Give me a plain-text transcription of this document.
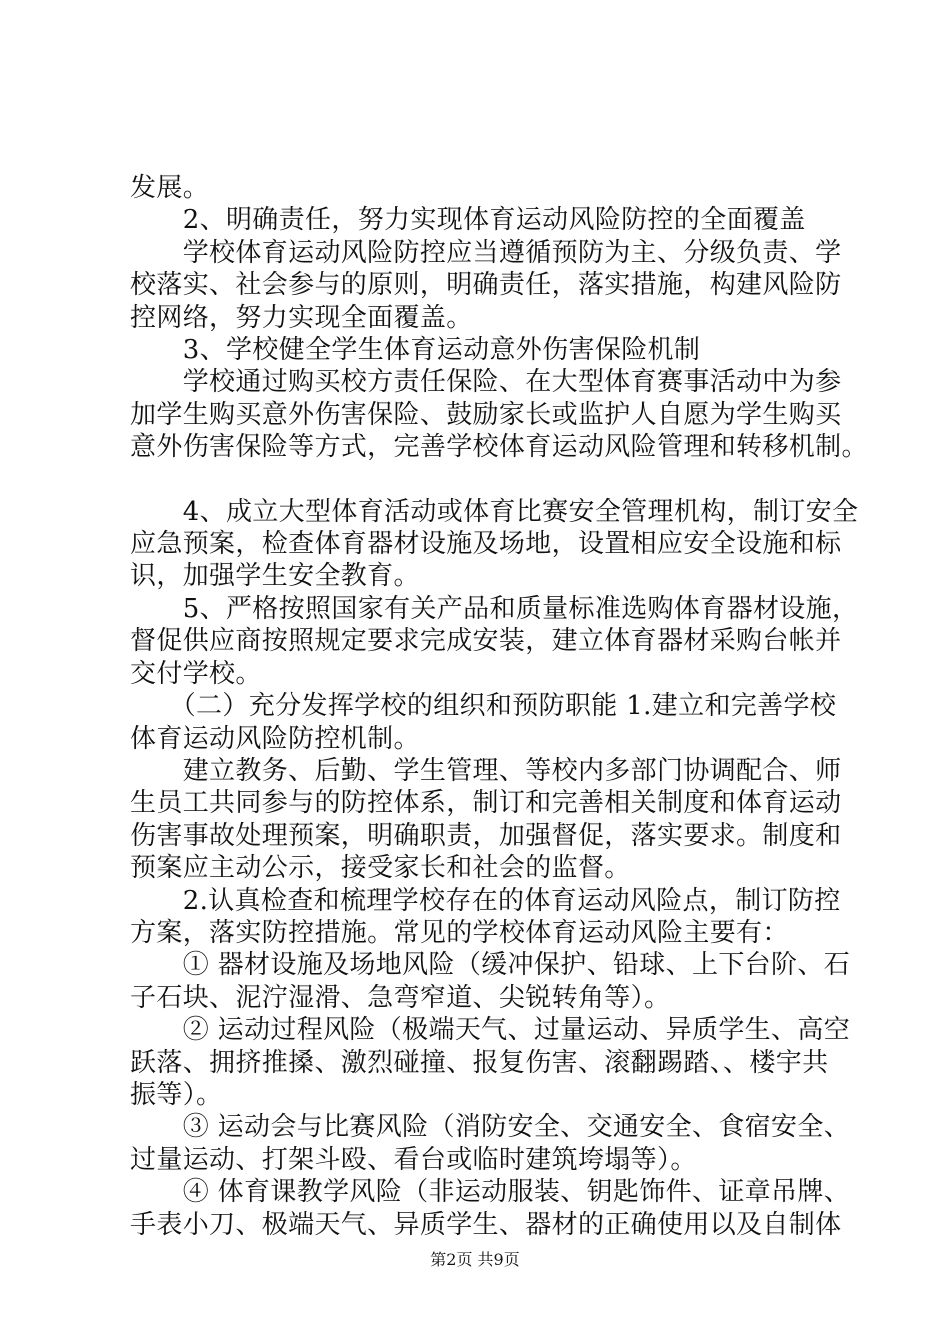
发展。
　　2、明确责任，努力实现体育运动风险防控的全面覆盖
　　学校体育运动风险防控应当遵循预防为主、分级负责、学
校落实、社会参与的原则，明确责任，落实措施，构建风险防
控网络，努力实现全面覆盖。
　　3、学校健全学生体育运动意外伤害保险机制
　　学校通过购买校方责任保险、在大型体育赛事活动中为参
加学生购买意外伤害保险、鼓励家长或监护人自愿为学生购买
意外伤害保险等方式，完善学校体育运动风险管理和转移机制。
　　4、成立大型体育活动或体育比赛安全管理机构，制订安全
应急预案，检查体育器材设施及场地，设置相应安全设施和标
识，加强学生安全教育。
　　5、严格按照国家有关产品和质量标准选购体育器材设施，
督促供应商按照规定要求完成安装，建立体育器材采购台帐并
交付学校。
　　（二）充分发挥学校的组织和预防职能 1.建立和完善学校
体育运动风险防控机制。
　　建立教务、后勤、学生管理、等校内多部门协调配合、师
生员工共同参与的防控体系，制订和完善相关制度和体育运动
伤害事故处理预案，明确职责，加强督促，落实要求。制度和
预案应主动公示，接受家长和社会的监督。
　　2.认真检查和梳理学校存在的体育运动风险点，制订防控
方案，落实防控措施。常见的学校体育运动风险主要有：
　　① 器材设施及场地风险（缓冲保护、铅球、上下台阶、石
子石块、泥泞湿滑、急弯窄道、尖锐转角等）。
　　② 运动过程风险（极端天气、过量运动、异质学生、高空
跃落、拥挤推搡、激烈碰撞、报复伤害、滚翻踢踏、、楼宇共
振等）。
　　③ 运动会与比赛风险（消防安全、交通安全、食宿安全、
过量运动、打架斗殴、看台或临时建筑垮塌等）。
　　④ 体育课教学风险（非运动服装、钥匙饰件、证章吊牌、
手表小刀、极端天气、异质学生、器材的正确使用以及自制体
第2页 共9页
